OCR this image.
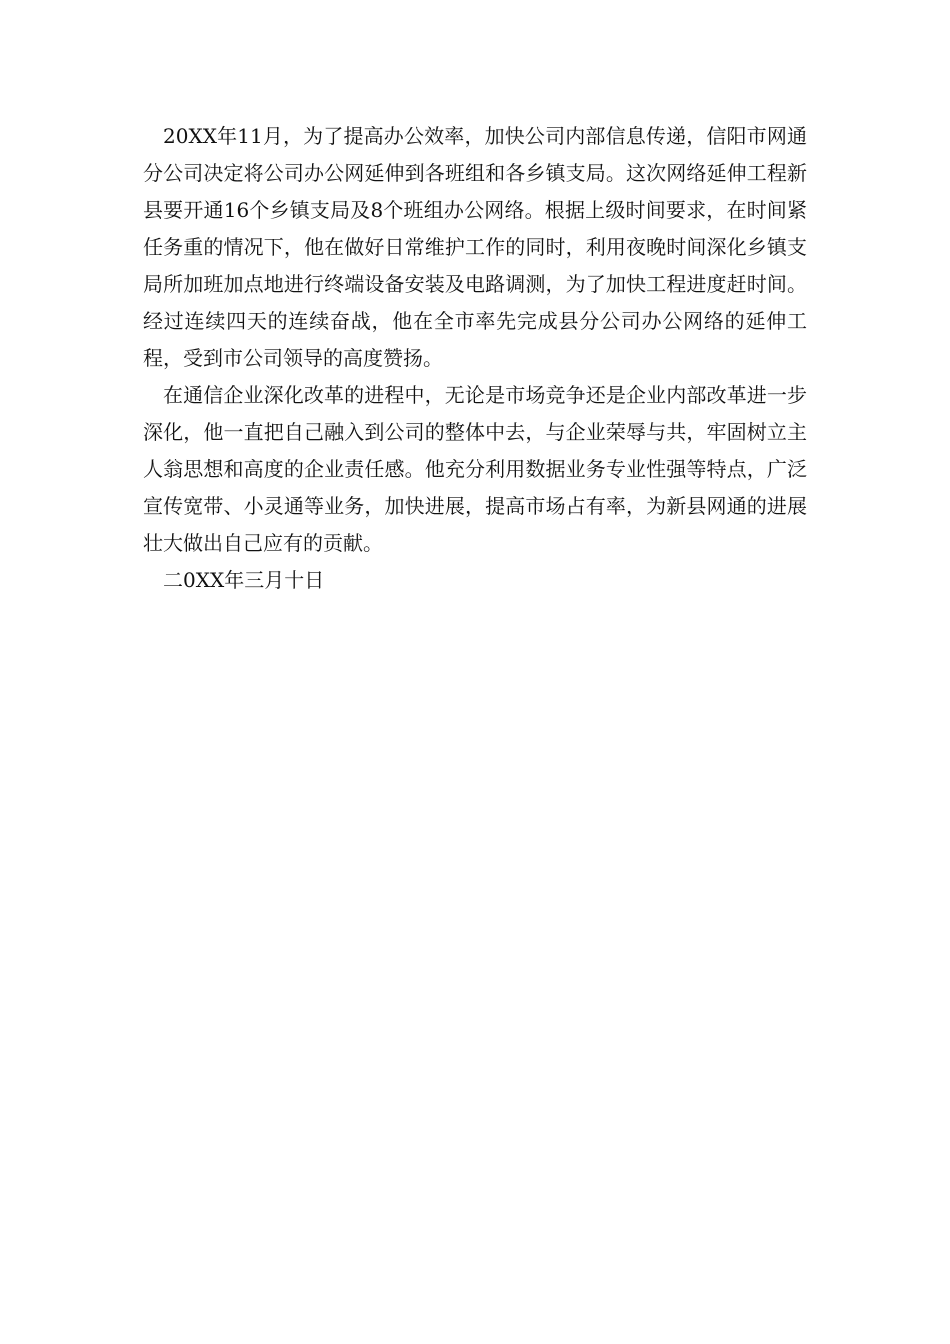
20XX年11月，为了提高办公效率，加快公司内部信息传递，信阳市网通分公司决定将公司办公网延伸到各班组和各乡镇支局。这次网络延伸工程新县要开通16个乡镇支局及8个班组办公网络。根据上级时间要求，在时间紧任务重的情况下，他在做好日常维护工作的同时，利用夜晚时间深化乡镇支局所加班加点地进行终端设备安装及电路调测，为了加快工程进度赶时间。经过连续四天的连续奋战，他在全市率先完成县分公司办公网络的延伸工程，受到市公司领导的高度赞扬。

在通信企业深化改革的进程中，无论是市场竞争还是企业内部改革进一步深化，他一直把自己融入到公司的整体中去，与企业荣辱与共，牢固树立主人翁思想和高度的企业责任感。他充分利用数据业务专业性强等特点，广泛宣传宽带、小灵通等业务，加快进展，提高市场占有率，为新县网通的进展壮大做出自己应有的贡献。

二0XX年三月十日
